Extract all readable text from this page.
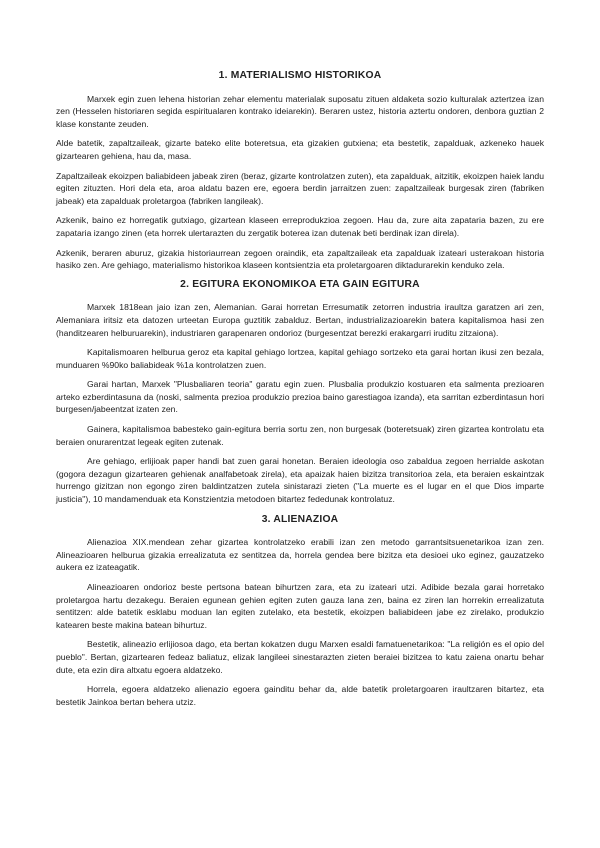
1. MATERIALISMO HISTORIKOA

Marxek egin zuen lehena historian zehar elementu materialak suposatu zituen aldaketa sozio kulturalak aztertzea izan zen (Hesselen historiaren segida espiritualaren kontrako ideiarekin). Beraren ustez, historia aztertu ondoren, denbora guztian 2 klase konstante zeuden.

Alde batetik, zapaltzaileak, gizarte bateko elite boteretsua, eta gizakien gutxiena; eta bestetik, zapalduak, azkeneko hauek gizartearen gehiena, hau da, masa.

Zapaltzaileak ekoizpen baliabideen jabeak ziren (beraz, gizarte kontrolatzen zuten), eta zapalduak, aitzitik, ekoizpen haiek landu egiten zituzten. Hori dela eta, aroa aldatu bazen ere, egoera berdin jarraitzen zuen: zapaltzaileak burgesak ziren (fabriken jabeak) eta zapalduak proletargoa (fabriken langileak).

Azkenik, baino ez horregatik gutxiago, gizartean klaseen erreprodukzioa zegoen. Hau da, zure aita zapataria bazen, zu ere zapataria izango zinen (eta horrek ulertarazten du zergatik boterea izan dutenak beti berdinak izan direla).

Azkenik, beraren aburuz, gizakia historiaurrean zegoen oraindik, eta zapaltzaileak eta zapalduak izateari usterakoan historia hasiko zen. Are gehiago, materialismo historikoa klaseen kontsientzia eta proletargoaren diktadurarekin kenduko zela.

2. EGITURA EKONOMIKOA ETA GAIN EGITURA

Marxek 1818ean jaio izan zen, Alemanian. Garai horretan Erresumatik zetorren industria iraultza garatzen ari zen, Alemaniara iritsiz eta datozen urteetan Europa guztitik zabalduz. Bertan, industrializazioarekin batera kapitalismoa hasi zen (handitzearen helburuarekin), industriaren garapenaren ondorioz (burgesentzat berezki erakargarri iruditu zitzaiona).

Kapitalismoaren helburua geroz eta kapital gehiago lortzea, kapital gehiago sortzeko eta garai hortan ikusi zen bezala, munduaren %90ko baliabideak %1a kontrolatzen zuen.

Garai hartan, Marxek "Plusbaliaren teoria" garatu egin zuen. Plusbalia produkzio kostuaren eta salmenta prezioaren arteko ezberdintasuna da (noski, salmenta prezioa produkzio prezioa baino garestiagoa izanda), eta sarritan ezberdintasun hori burgesen/jabeentzat izaten zen.

Gainera, kapitalismoa babesteko gain-egitura berria sortu zen, non burgesak (boteretsuak) ziren gizartea kontrolatu eta beraien onurarentzat legeak egiten zutenak.

Are gehiago, erlijioak paper handi bat zuen garai honetan. Beraien ideologia oso zabaldua zegoen herrialde askotan (gogora dezagun gizartearen gehienak analfabetoak zirela), eta apaizak haien bizitza transitorioa zela, eta beraien eskaintzak hurrengo gizitzan non egongo ziren baldintzatzen zutela sinistarazi zieten ("La muerte es el lugar en el que Dios imparte justicia"), 10 mandamenduak eta Konstzientzia metodoen bitartez fededunak kontrolatuz.

3. ALIENAZIOA

Alienazioa XIX.mendean zehar gizartea kontrolatzeko erabili izan zen metodo garrantsitsuenetarikoa izan zen. Alineazioaren helburua gizakia errealizatuta ez sentitzea da, horrela gendea bere bizitza eta desioei uko eginez, gauzatzeko aukera ez izateagatik.

Alineazioaren ondorioz beste pertsona batean bihurtzen zara, eta zu izateari utzi. Adibide bezala garai horretako proletargoa hartu dezakegu. Beraien egunean gehien egiten zuten gauza lana zen, baina ez ziren lan horrekin errealizatuta sentitzen: alde batetik esklabu moduan lan egiten zutelako, eta bestetik, ekoizpen baliabideen jabe ez zirelako, produkzio katearen beste makina batean bihurtuz.

Bestetik, alineazio erlijiosoa dago, eta bertan kokatzen dugu Marxen esaldi famatuenetarikoa: "La religión es el opio del pueblo". Bertan, gizartearen fedeaz baliatuz, elizak langileei sinestarazten zieten beraiei bizitzea to katu zaiena onartu behar dute, eta ezin dira altxatu egoera aldatzeko.

Horrela, egoera aldatzeko alienazio egoera gainditu behar da, alde batetik proletargoaren iraultzaren bitartez, eta bestetik Jainkoa bertan behera utziz.
